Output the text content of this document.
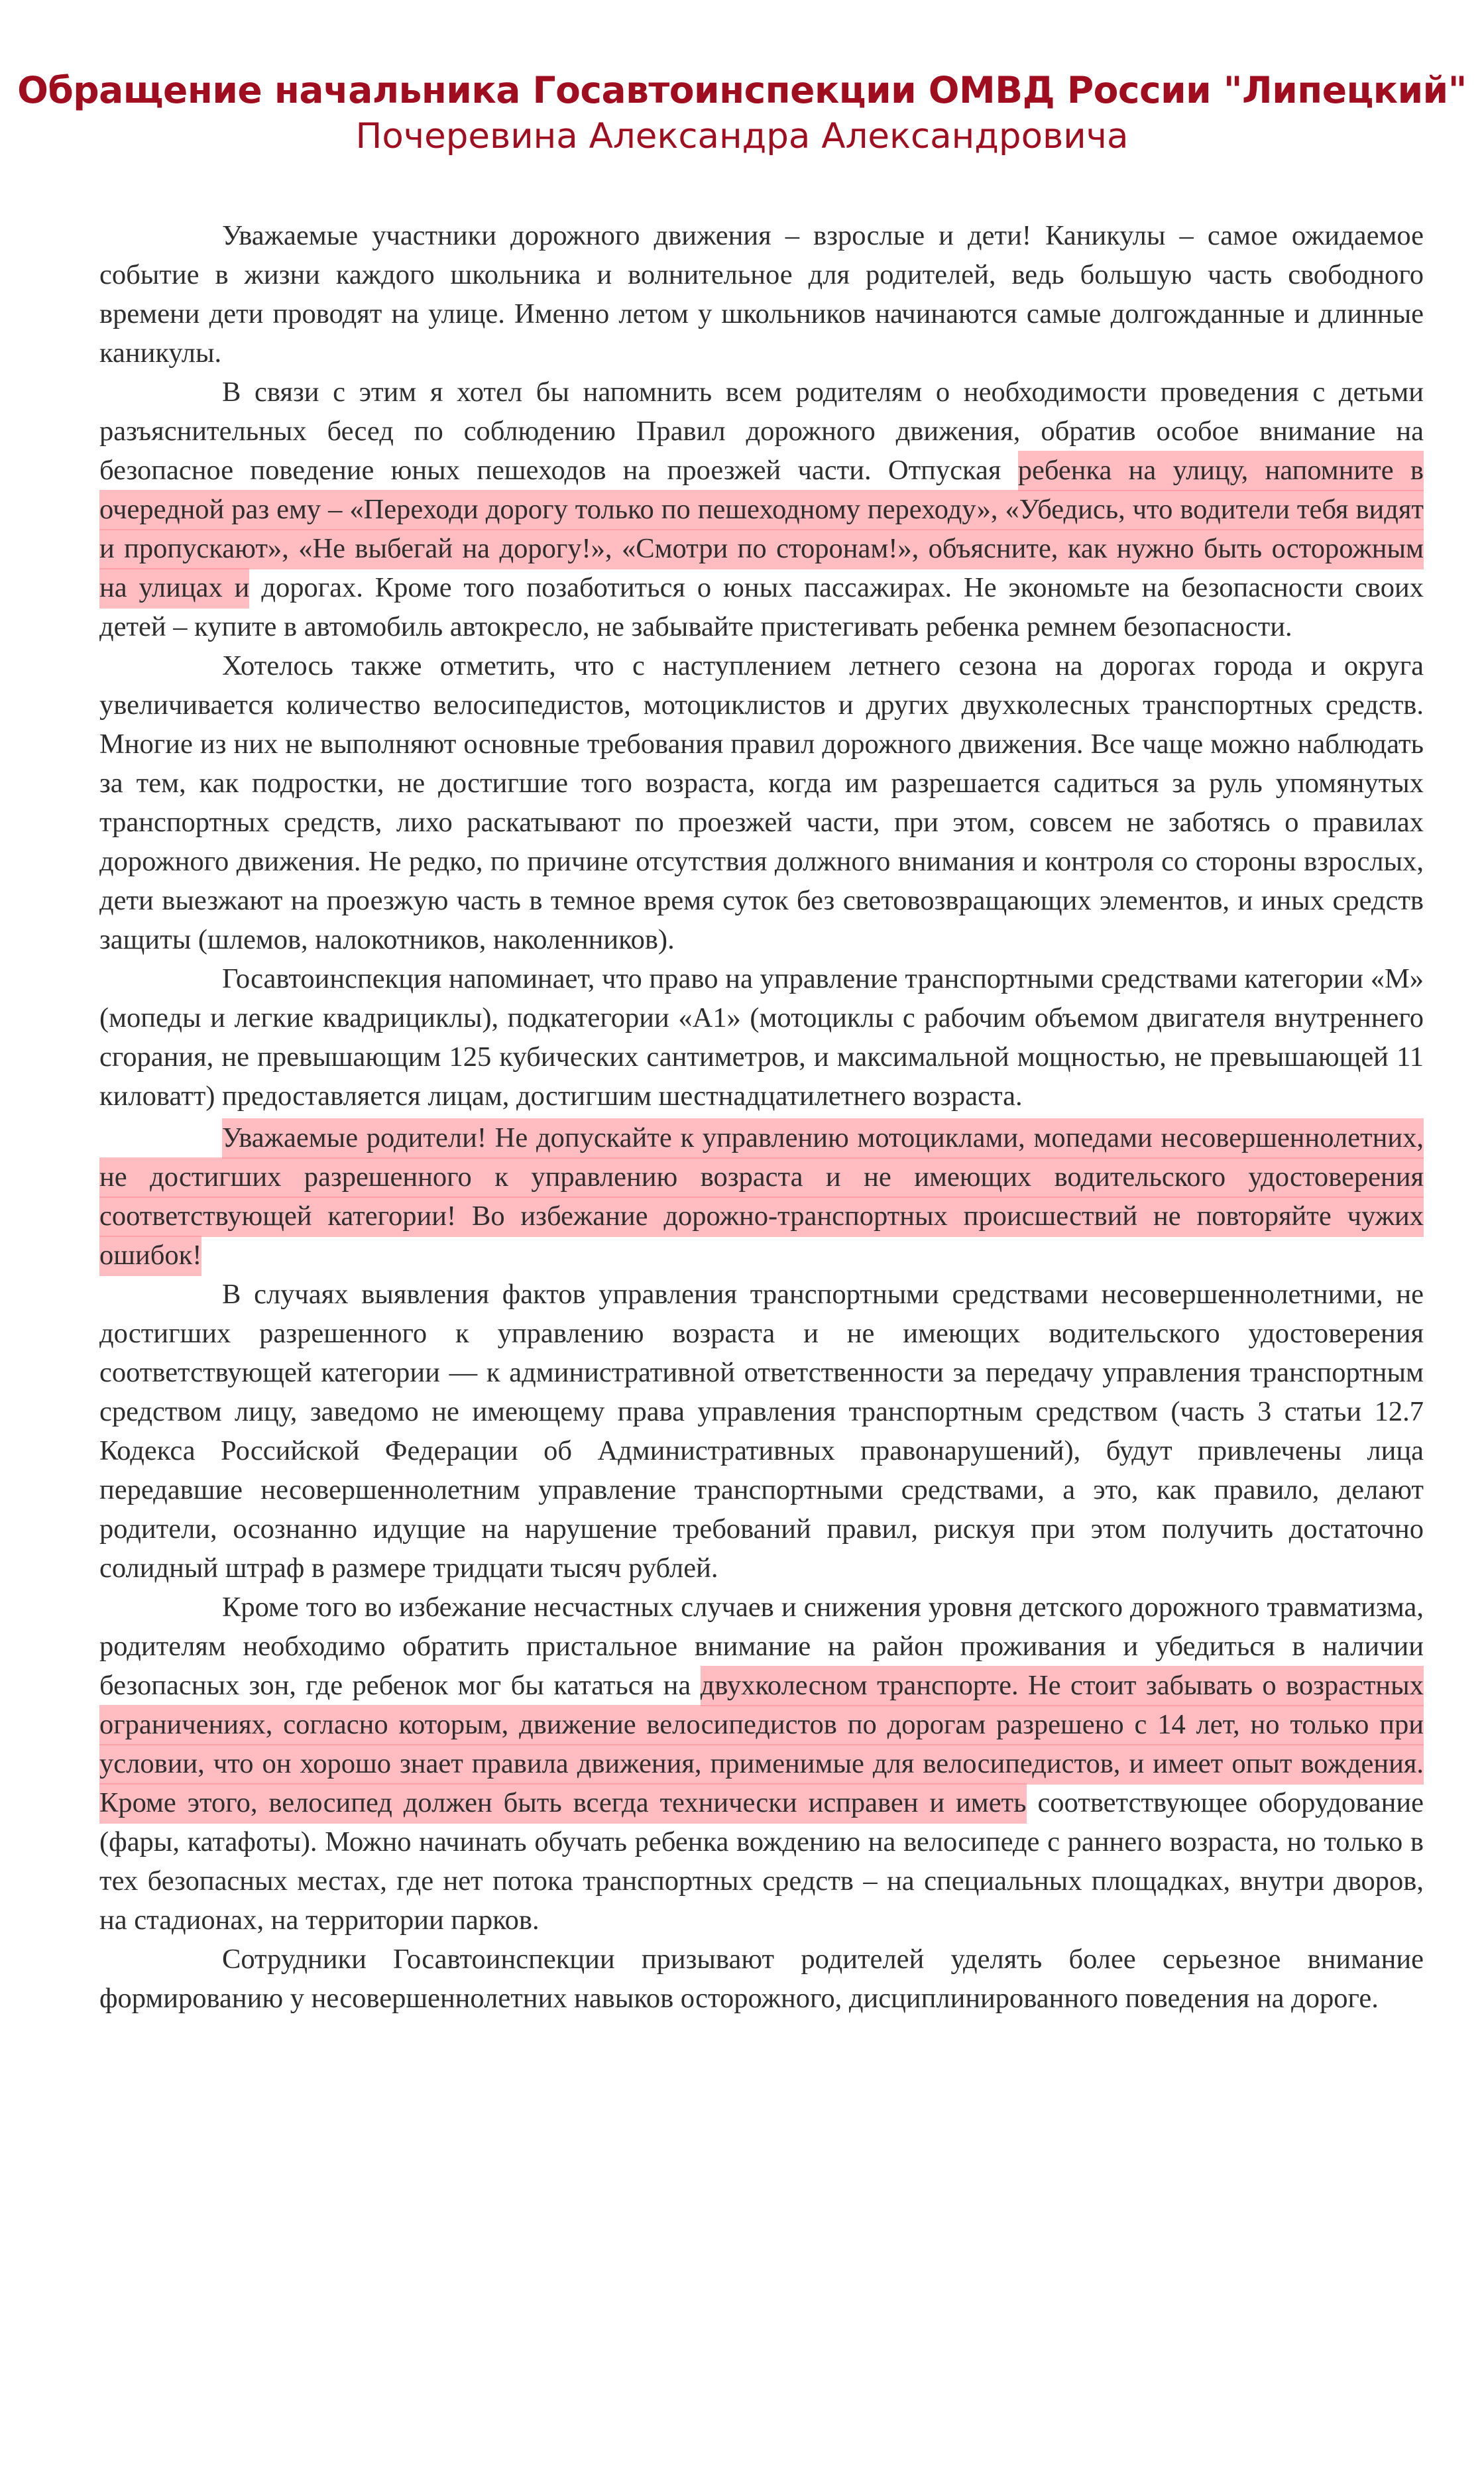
Обращение начальника Госавтоинспекции ОМВД России "Липецкий"
Почеревина Александра Александровича

Уважаемые участники дорожного движения – взрослые и дети! Каникулы – самое ожидаемое событие в жизни каждого школьника и волнительное для родителей, ведь большую часть свободного времени дети проводят на улице. Именно летом у школьников начинаются самые долгожданные и длинные каникулы.

В связи с этим я хотел бы напомнить всем родителям о необходимости проведения с детьми разъяснительных бесед по соблюдению Правил дорожного движения, обратив особое внимание на безопасное поведение юных пешеходов на проезжей части. Отпуская ребенка на улицу, напомните в очередной раз ему – «Переходи дорогу только по пешеходному переходу», «Убедись, что водители тебя видят и пропускают», «Не выбегай на дорогу!», «Смотри по сторонам!», объясните, как нужно быть осторожным на улицах и дорогах. Кроме того позаботиться о юных пассажирах. Не экономьте на безопасности своих детей – купите в автомобиль автокресло, не забывайте пристегивать ребенка ремнем безопасности.

Хотелось также отметить, что с наступлением летнего сезона на дорогах города и округа увеличивается количество велосипедистов, мотоциклистов и других двухколесных транспортных средств. Многие из них не выполняют основные требования правил дорожного движения. Все чаще можно наблюдать за тем, как подростки, не достигшие того возраста, когда им разрешается садиться за руль упомянутых транспортных средств, лихо раскатывают по проезжей части, при этом, совсем не заботясь о правилах дорожного движения. Не редко, по причине отсутствия должного внимания и контроля со стороны взрослых, дети выезжают на проезжую часть в темное время суток без световозвращающих элементов, и иных средств защиты (шлемов, налокотников, наколенников).

Госавтоинспекция напоминает, что право на управление транспортными средствами категории «М» (мопеды и легкие квадрициклы), подкатегории «А1» (мотоциклы с рабочим объемом двигателя внутреннего сгорания, не превышающим 125 кубических сантиметров, и максимальной мощностью, не превышающей 11 киловатт) предоставляется лицам, достигшим шестнадцатилетнего возраста.

Уважаемые родители! Не допускайте к управлению мотоциклами, мопедами несовершеннолетних, не достигших разрешенного к управлению возраста и не имеющих водительского удостоверения соответствующей категории! Во избежание дорожно-транспортных происшествий не повторяйте чужих ошибок!

В случаях выявления фактов управления транспортными средствами несовершеннолетними, не достигших разрешенного к управлению возраста и не имеющих водительского удостоверения соответствующей категории — к административной ответственности за передачу управления транспортным средством лицу, заведомо не имеющему права управления транспортным средством (часть 3 статьи 12.7 Кодекса Российской Федерации об Административных правонарушений), будут привлечены лица передавшие несовершеннолетним управление транспортными средствами, а это, как правило, делают родители, осознанно идущие на нарушение требований правил, рискуя при этом получить достаточно солидный штраф в размере тридцати тысяч рублей.

Кроме того во избежание несчастных случаев и снижения уровня детского дорожного травматизма, родителям необходимо обратить пристальное внимание на район проживания и убедиться в наличии безопасных зон, где ребенок мог бы кататься на двухколесном транспорте. Не стоит забывать о возрастных ограничениях, согласно которым, движение велосипедистов по дорогам разрешено с 14 лет, но только при условии, что он хорошо знает правила движения, применимые для велосипедистов, и имеет опыт вождения. Кроме этого, велосипед должен быть всегда технически исправен и иметь соответствующее оборудование (фары, катафоты). Можно начинать обучать ребенка вождению на велосипеде с раннего возраста, но только в тех безопасных местах, где нет потока транспортных средств – на специальных площадках, внутри дворов, на стадионах, на территории парков.

Сотрудники Госавтоинспекции призывают родителей уделять более серьезное внимание формированию у несовершеннолетних навыков осторожного, дисциплинированного поведения на дороге.
